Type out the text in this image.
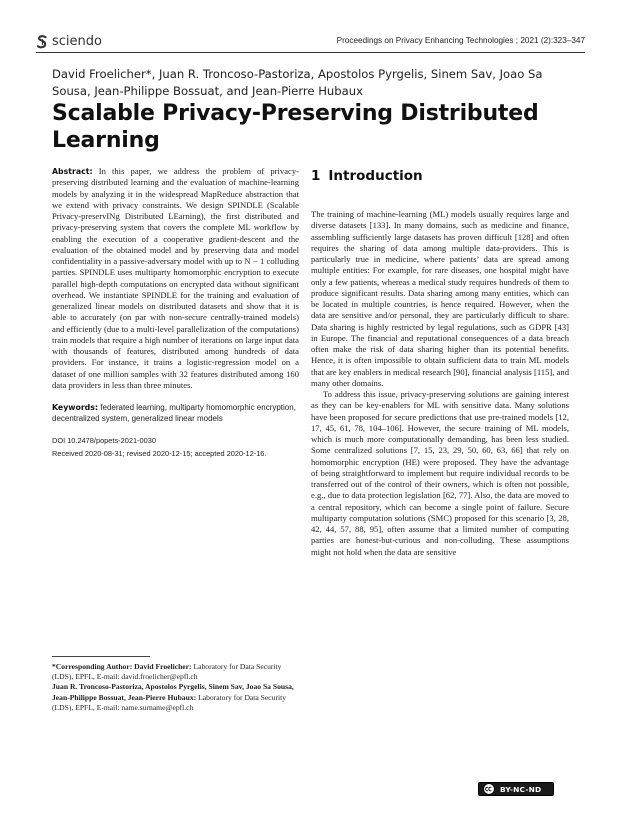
sciendo	Proceedings on Privacy Enhancing Technologies ; 2021 (2):323–347
David Froelicher*, Juan R. Troncoso-Pastoriza, Apostolos Pyrgelis, Sinem Sav, Joao Sa Sousa, Jean-Philippe Bossuat, and Jean-Pierre Hubaux
Scalable Privacy-Preserving Distributed Learning

Abstract: In this paper, we address the problem of privacy-preserving distributed learning and the evaluation of machine-learning models by analyzing it in the widespread MapReduce abstraction that we extend with privacy constraints. We design SPINDLE (Scalable Privacy-preservINg Distributed LEarning), the first distributed and privacy-preserving system that covers the complete ML workflow by enabling the execution of a cooperative gradient-descent and the evaluation of the obtained model and by preserving data and model confidentiality in a passive-adversary model with up to N − 1 colluding parties. SPINDLE uses multiparty homomorphic encryption to execute parallel high-depth computations on encrypted data without significant overhead. We instantiate SPINDLE for the training and evaluation of generalized linear models on distributed datasets and show that it is able to accurately (on par with non-secure centrally-trained models) and efficiently (due to a multi-level parallelization of the computations) train models that require a high number of iterations on large input data with thousands of features, distributed among hundreds of data providers. For instance, it trains a logistic-regression model on a dataset of one million samples with 32 features distributed among 160 data providers in less than three minutes.

Keywords: federated learning, multiparty homomorphic encryption, decentralized system, generalized linear models

DOI 10.2478/popets-2021-0030
Received 2020-08-31; revised 2020-12-15; accepted 2020-12-16.
*Corresponding Author: David Froelicher: Laboratory for Data Security (LDS), EPFL, E-mail: david.froelicher@epfl.ch
Juan R. Troncoso-Pastoriza, Apostolos Pyrgelis, Sinem Sav, Joao Sa Sousa, Jean-Philippe Bossuat, Jean-Pierre Hubaux: Laboratory for Data Security (LDS), EPFL, E-mail: name.surname@epfl.ch
1 Introduction

The training of machine-learning (ML) models usually requires large and diverse datasets [133]. In many domains, such as medicine and finance, assembling sufficiently large datasets has proven difficult [128] and often requires the sharing of data among multiple data-providers. This is particularly true in medicine, where patients’ data are spread among multiple entities: For example, for rare diseases, one hospital might have only a few patients, whereas a medical study requires hundreds of them to produce significant results. Data sharing among many entities, which can be located in multiple countries, is hence required. However, when the data are sensitive and/or personal, they are particularly difficult to share. Data sharing is highly restricted by legal regulations, such as GDPR [43] in Europe. The financial and reputational consequences of a data breach often make the risk of data sharing higher than its potential benefits. Hence, it is often impossible to obtain sufficient data to train ML models that are key enablers in medical research [90], financial analysis [115], and many other domains.

To address this issue, privacy-preserving solutions are gaining interest as they can be key-enablers for ML with sensitive data. Many solutions have been proposed for secure predictions that use pre-trained models [12, 17, 45, 61, 78, 104–106]. However, the secure training of ML models, which is much more computationally demanding, has been less studied. Some centralized solutions [7, 15, 23, 29, 50, 60, 63, 66] that rely on homomorphic encryption (HE) were proposed. They have the advantage of being straightforward to implement but require individual records to be transferred out of the control of their owners, which is often not possible, e.g., due to data protection legislation [62, 77]. Also, the data are moved to a central repository, which can become a single point of failure. Secure multiparty computation solutions (SMC) proposed for this scenario [3, 28, 42, 44, 57, 88, 95], often assume that a limited number of computing parties are honest-but-curious and non-colluding. These assumptions might not hold when the data are sensitive

BY-NC-ND
